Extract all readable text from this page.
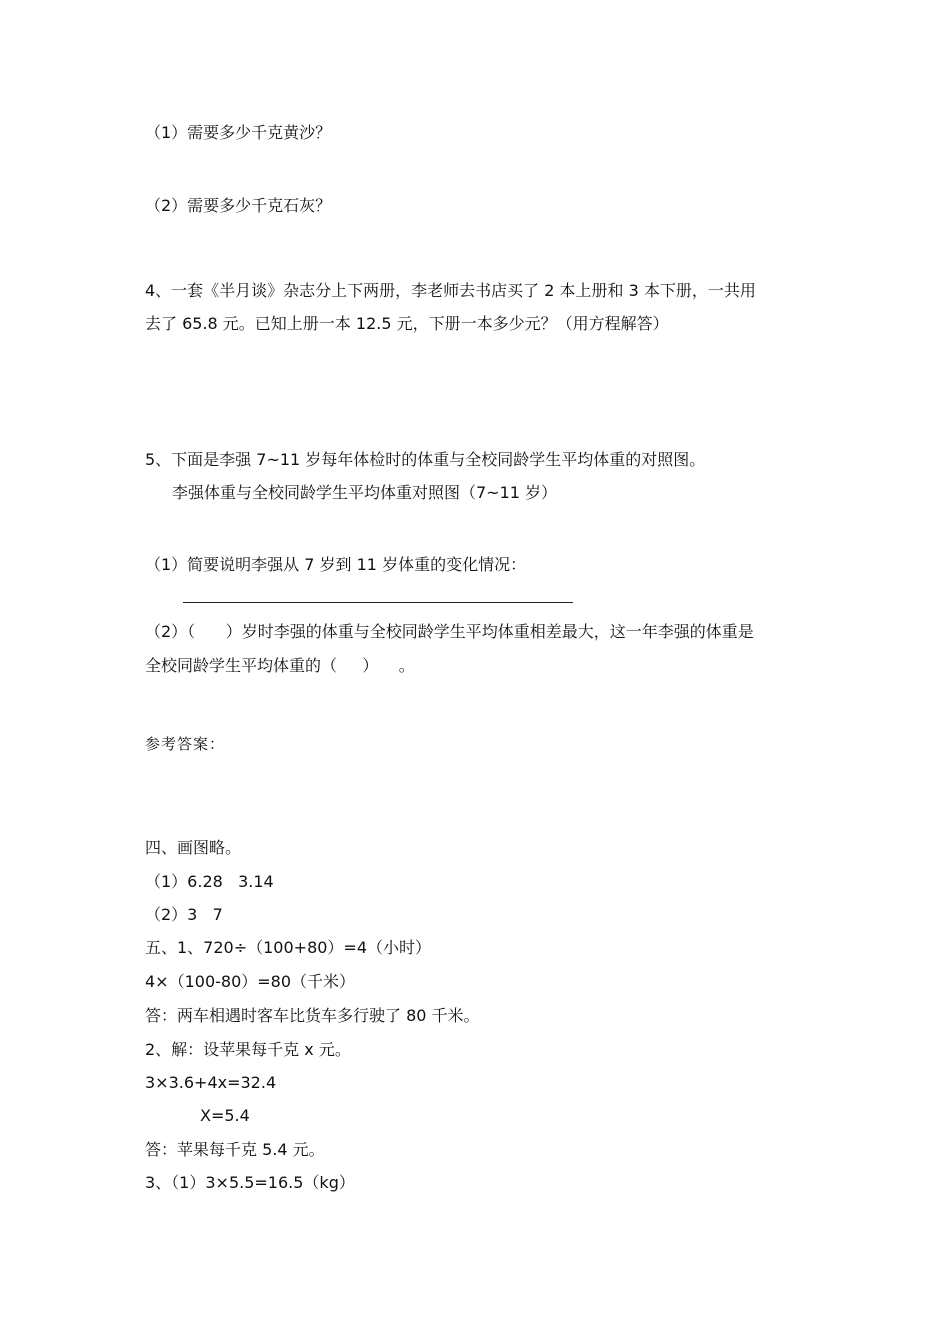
（1）需要多少千克黄沙？
（2）需要多少千克石灰？
4、一套《半月谈》杂志分上下两册，李老师去书店买了 2 本上册和 3 本下册，一共用
去了 65.8 元。已知上册一本 12.5 元，下册一本多少元？（用方程解答）
5、下面是李强 7~11 岁每年体检时的体重与全校同龄学生平均体重的对照图。
李强体重与全校同龄学生平均体重对照图（7~11 岁）
（1）简要说明李强从 7 岁到 11 岁体重的变化情况：
（2）（      ）岁时李强的体重与全校同龄学生平均体重相差最大，这一年李强的体重是
全校同龄学生平均体重的（     ）    。
参考答案：
四、画图略。
（1）6.28   3.14
（2）3   7
五、1、720÷（100+80）=4（小时）
4×（100-80）=80（千米）
答：两车相遇时客车比货车多行驶了 80 千米。
2、解：设苹果每千克 x 元。
3×3.6+4x=32.4
X=5.4
答：苹果每千克 5.4 元。
3、（1）3×5.5=16.5（kg）
